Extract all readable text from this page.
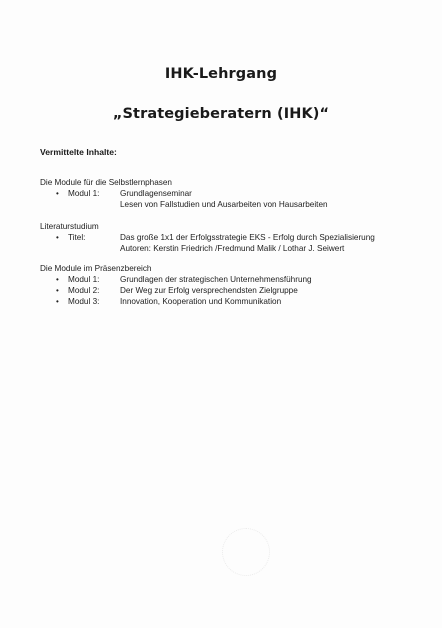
IHK-Lehrgang
„Strategieberatern (IHK)“
Vermittelte Inhalte:
Die Module für die Selbstlernphasen
• Modul 1:	Grundlagenseminar
Lesen von Fallstudien und Ausarbeiten von Hausarbeiten
Literaturstudium
• Titel:	Das große 1x1 der Erfolgsstrategie EKS - Erfolg durch Spezialisierung
Autoren: Kerstin Friedrich /Fredmund Malik / Lothar J. Seiwert
Die Module im Präsenzbereich
• Modul 1:	Grundlagen der strategischen Unternehmensführung
• Modul 2:	Der Weg zur Erfolg versprechendsten Zielgruppe
• Modul 3:	Innovation, Kooperation und Kommunikation
